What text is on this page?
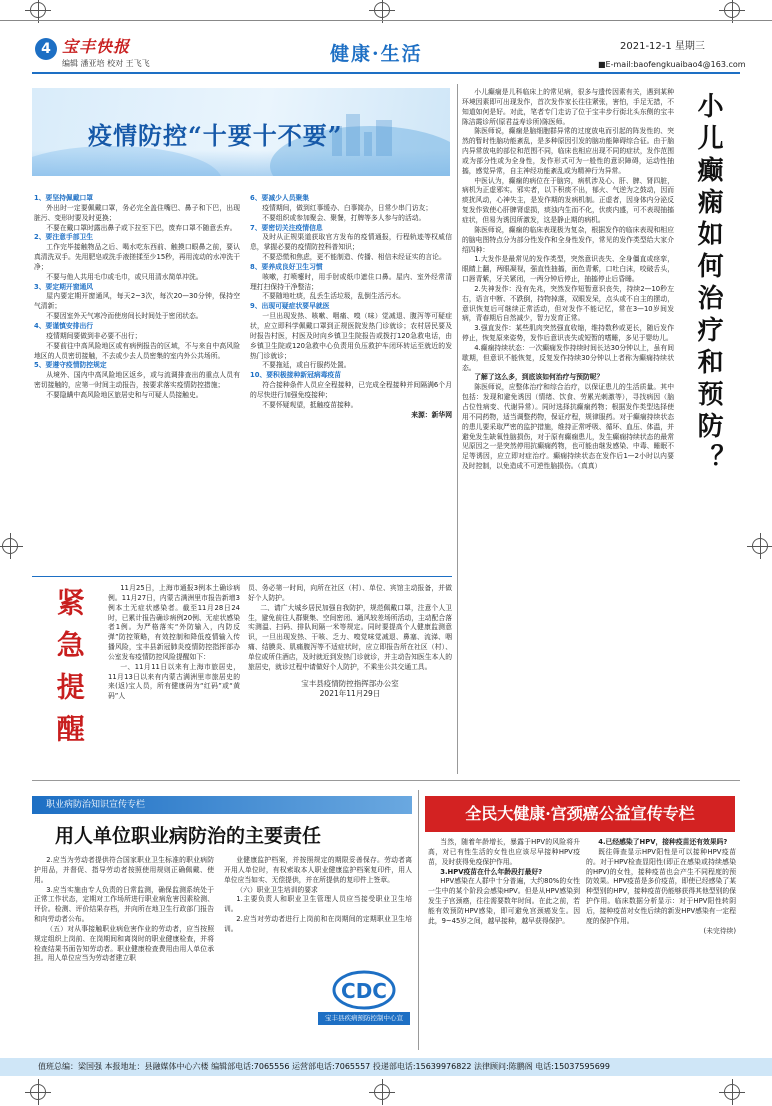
4 宝丰快报
编辑 潘亚培 校对 王飞飞	健康·生活	2021-12-1 星期三
■E-mail:baofengkuaibao4@163.com
疫情防控“十要十不要”

1、要坚持佩戴口罩

外出时一定要佩戴口罩，务必完全盖住嘴巴、鼻子和下巴，出现脏污、变形时要及时更换；

不要在戴口罩时露出鼻子或下拉至下巴，废弃口罩不随意丢弃。

2、要注意手部卫生

工作完毕接触物品之后、喝水吃东西前、触摸口眼鼻之前，要认真清洗双手。先用肥皂或洗手液搓揉至少15秒，再用流动的水冲洗干净；

不要与他人共用毛巾或毛巾，或只用清水简单冲洗。

3、要定期开窗通风

屋内要定期开窗通风，每天2~3次，每次20—30分钟，保持空气清新；

不要因室外天气寒冷而使房间长时间处于密闭状态。

4、要谨慎安排出行

疫情期间要做到非必要不出行；

不要前往中高风险地区或有病例报告的区域，不与来自中高风险地区的人员密切接触，不去或少去人员密集的室内外公共场所。

5、要遵守疫情防控规定

从境外、国内中高风险地区返乡，或与流调排查出的重点人员有密切接触的，应第一时间主动报告，按要求落实疫情防控措施；

不要隐瞒中高风险地区旅居史和与可疑人员接触史。

6、要减少人员聚集

疫情期间，做到红事缓办、白事简办，日常少串门访友；

不要组织或参加聚会、聚餐，打牌等多人参与的活动。

7、要密切关注疫情信息

及时从正规渠道获取官方发布的疫情通报，行程轨迹等权威信息，掌握必要的疫情防控科普知识；

不要恐慌和焦虑，更不能制造、传播、相信未经证实的言论。

8、要养成良好卫生习惯

咳嗽，打喷嚏时，用手肘或纸巾遮住口鼻。屋内、室外经常清理打扫保持干净整洁；

不要随地吐痰，乱丢生活垃圾，乱倒生活污水。

9、出现可疑症状要早就医

一旦出现发热、咳嗽、咽痛、嗅（味）觉减退、腹泻等可疑症状，应立即科学佩戴口罩到正规医院发热门诊就诊；农村居民要及时报告村医，村医及时向乡镇卫生院报告或拨打120急救电话，由乡镇卫生院或120急救中心负责用负压救护车闭环转运至就近的发热门诊就诊；

不要拖延，或自行服药处置。

10、要积极接种新冠病毒疫苗

符合接种条件人员应全程接种，已完成全程接种并间隔满6个月的尽快进行加强免疫接种；

不要怀疑观望，抵触疫苗接种。

来源：新华网

小儿癫痫是儿科临床上的常见病，很多与遗传因素有关，遇到某种环境因素即可出现发作，首次发作家长往往紧张，害怕，手足无措，不知道如何是好。对此，笔者专门走访了位于宝丰步行街北头东侧的宝丰陈洁霞诊所(原君益寿诊所)陈医师。

陈医师说，癫痫是脑细胞群异常的过度放电而引起的阵发性的、突然的暂时性脑功能紊乱，是多种原因引发的脑功能障碍综合征。由于脑内异常放电的部位和范围不同，临床也相应出现不同的症状，发作范围或为部分性或为全身性，发作形式可为一般性的意识障碍，运动性抽搐，感觉异常，自主神经功能紊乱或为精神行为异常。

中医认为，癫痫的病位在于脑窍，病机涉及心、肝、脾、肾四脏，病机为正虚邪实。邪实者，以下积痰不出，郁火、气逆为之鼓动，因而痰扰风动，心神失主，是发作期的发病机制。正虚者，因身体内分泌反复发作致使心肝脾肾虚损，痰浊内生而不化，伏痰内盛，可不表现抽搐症状，但易为诱因所激发，这是静止期的病机。

陈医师说，癫痫的临床表现极为复杂，根据发作的临床表现和相应的脑电图特点分为部分性发作和全身性发作，常见的发作类型给大家介绍四种：

1.大发作是最常见的发作类型，突然意识丧失、全身僵直或痉挛，眼睛上翻，两眼凝视，强直性抽搐，面色青紫，口吐白沫，咬破舌头，口唇青紫，牙关紧闭，一两分钟后停止，抽搐停止后昏睡。

2.失神发作：没有先兆，突然发作短暂意识丧失，持续2—10秒左右，语言中断、不跌倒，持物掉落，双眼发呆，点头或不自主的摆动，意识恢复后可继续正常活动，但对发作不能记忆，常在3—10岁间发病，青春期后自然减少，智力发育正常。

3.强直发作：某些肌肉突然强直收缩，维持数秒或更长，随后发作停止，恢复原来姿势，发作后意识丧失或短暂的嗜睡，多见于婴幼儿。

4.癫痫持续状态：一次癫痫发作持续时间长达30分钟以上，虽有间歇期，但意识不能恢复，反复发作持续30分钟以上者称为癫痫持续状态。

了解了这么多，到底该如何治疗与预防呢？

陈医师说，应整体治疗和综合治疗，以保证患儿的生活质量。其中包括：发现和避免诱因（情绪、饮食、劳累光刺激等），寻找病因（脑占位性病变、代谢异常）。同时选择抗癫痫药物；根据发作类型选择使用不同药物，适当调整药物，保证疗程，规律服药。对于癫痫持续状态的患儿要采取严密的监护措施，维持正常呼吸、循环、血压、体温，并避免发生缺氧性脑损伤，对于原有癫痫患儿，发生癫痫持续状态的最常见原因之一是突然停用抗癫痫药物，也可能由继发感染、中毒、睡眠不足等诱因，应立即对症治疗。癫痫持续状态在发作后1—2小时以内要及时控制，以免造成不可逆性脑损伤。（真真）	小儿癫痫如何治疗和预防？
紧急提醒	11月25日，上海市通报3例本土确诊病例。11月27日，内蒙古满洲里市报告新增3例本土无症状感染者。截至11月28日24时，已累计报告确诊病例20例、无症状感染者1例。为严格落实“外防输入，内防反弹”防控策略，有效控制和降低疫情输入传播风险，宝丰县新冠肺炎疫情防控指挥部办公室发布疫情防控风险提醒如下：

一、11月11日以来有上海市旅居史，11月13日以来有内蒙古满洲里市旅居史的来(返)宝人员，所有健康码为“红码”或“黄码”人

员、务必第一时间，向所在社区（村）、单位、宾馆主动报备，并做好个人防护。

二、请广大城乡居民加强自我防护，规范佩戴口罩，注意个人卫生，避免前往人群聚集、空间密闭、通风较差场所活动，主动配合落实测温、扫码、排队间隔一米等规定。同时要提高个人健康监测意识，一旦出现发热、干咳、乏力、嗅觉味觉减退、鼻塞、流涕、咽痛、结膜炎、肌痛腹泻等不适症状时，应立即报告所在社区（村）、单位或所住酒店，及时就近到发热门诊就诊，并主动告知医生本人的旅居史，就诊过程中请做好个人防护，不乘坐公共交通工具。

宝丰县疫情防控指挥部办公室
2021年11月29日
职业病防治知识宣传专栏
用人单位职业病防治的主要责任

2.应当为劳动者提供符合国家职业卫生标准的职业病防护用品，并督促、指导劳动者按照使用规则正确佩戴、使用。

3.应当实施由专人负责的日常监测，确保监测系统处于正常工作状态，定期对工作场所进行职业病危害因素检测、评价。检测、评价结果存档，并向所在地卫生行政部门报告和向劳动者公布。

（五）对从事接触职业病危害作业的劳动者，应当按照规定组织上岗前、在岗期间和离岗时的职业健康检查，并将检查结果书面告知劳动者。职业健康检查费用由用人单位承担。用人单位应当为劳动者建立职

业健康监护档案，并按照规定的期限妥善保存。劳动者离开用人单位时，有权索取本人职业健康监护档案复印件，用人单位应当如实、无偿提供，并在所提供的复印件上签章。

（六）职业卫生培训的要求

1.主要负责人和职业卫生管理人员应当接受职业卫生培训。

2.应当对劳动者进行上岗前和在岗期间的定期职业卫生培训。

CDC
宝丰县疾病预防控制中心宣
全民大健康·宫颈癌公益宣传专栏

当然，随着年龄增长，暴露于HPV的风险将升高，对已有性生活的女性也应该尽早接种HPV疫苗，及时获得免疫保护作用。

3.HPV疫苗在什么年龄段打最好?

HPV感染在人群中十分普遍，大约80%的女性一生中的某个阶段会感染HPV。但是从HPV感染到发生子宫颈癌，往往需要数年时间。在此之前，若能有效预防HPV感染，即可避免宫颈癌发生。因此，9~45岁之间，越早接种，越早获得保护。

4.已经感染了HPV，接种疫苗还有效果吗?

既往筛查显示HPV阳性是可以接种HPV疫苗的。对于HPV检查显阳性(即正在感染或持续感染的HPV)的女性，接种疫苗也会产生不同程度的预防效果。HPV疫苗是多价疫苗，即使已经感染了某种型别的HPV，接种疫苗仍能够获得其他型别的保护作用。临床数据分析显示：对于HPV阳性转阴后，接种疫苗对女性后续的新发HPV感染有一定程度的保护作用。

(未完待续)

值班总编：梁国强 本报地址：县融媒体中心六楼 编辑部电话:7065556 运营部电话:7065557 投递部电话:15639976822 法律顾问:陈鹏阁 电话:15037595699
